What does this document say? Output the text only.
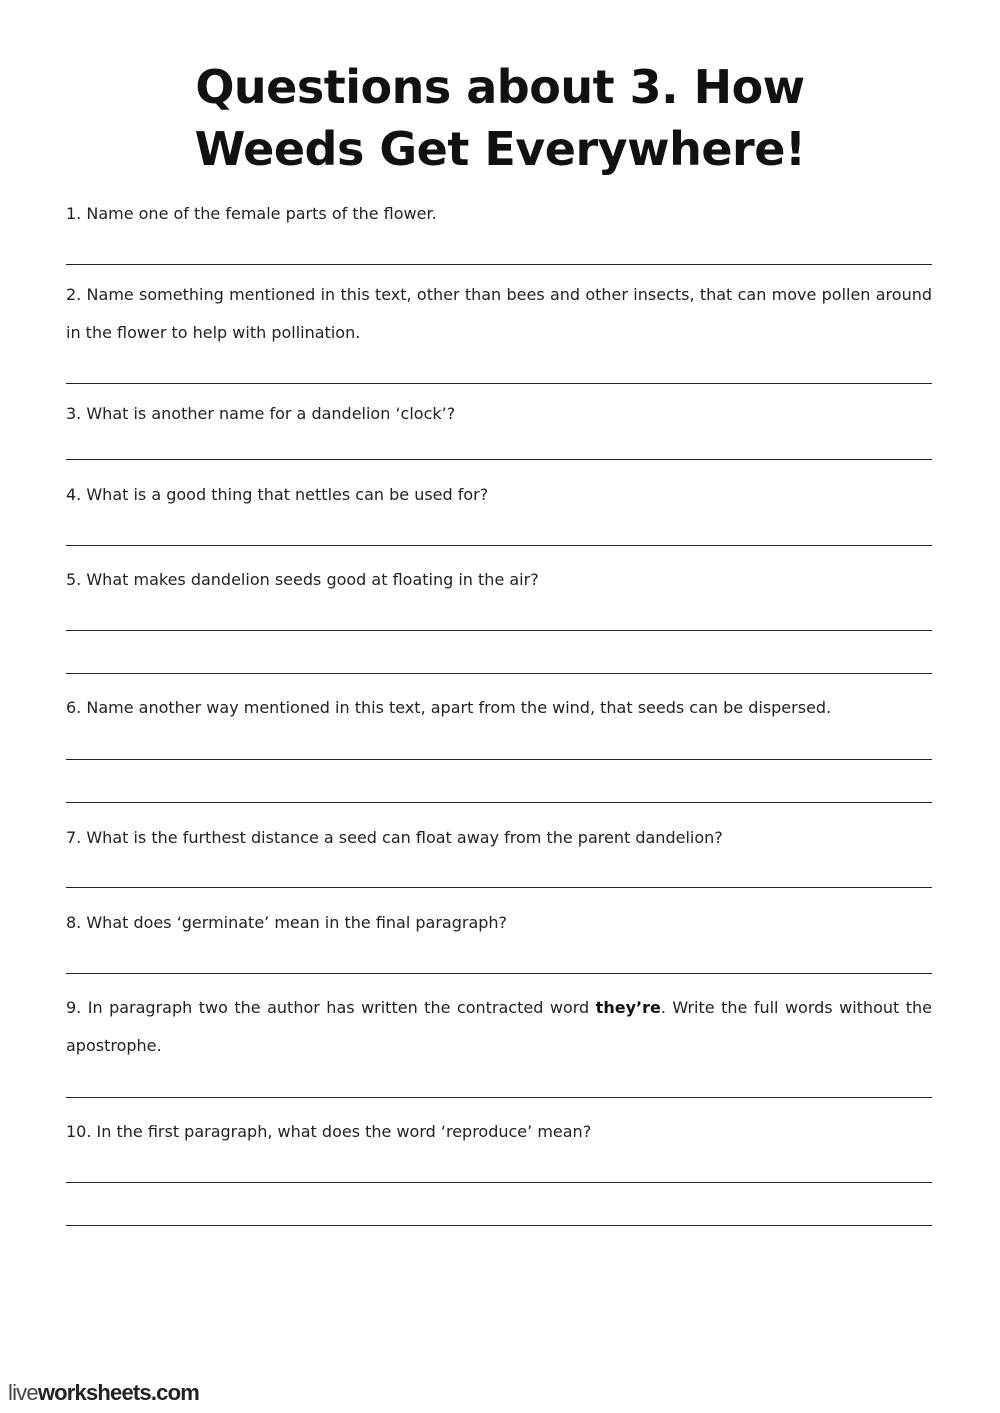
Questions about 3. How
Weeds Get Everywhere!
1. Name one of the female parts of the flower.
2. Name something mentioned in this text, other than bees and other insects, that can move pollen around in the flower to help with pollination.
3. What is another name for a dandelion ‘clock’?
4. What is a good thing that nettles can be used for?
5. What makes dandelion seeds good at floating in the air?
6. Name another way mentioned in this text, apart from the wind, that seeds can be dispersed.
7. What is the furthest distance a seed can float away from the parent dandelion?
8. What does ‘germinate’ mean in the final paragraph?
9. In paragraph two the author has written the contracted word they’re. Write the full words without the apostrophe.
10. In the first paragraph, what does the word ‘reproduce’ mean?
liveworksheets.com
